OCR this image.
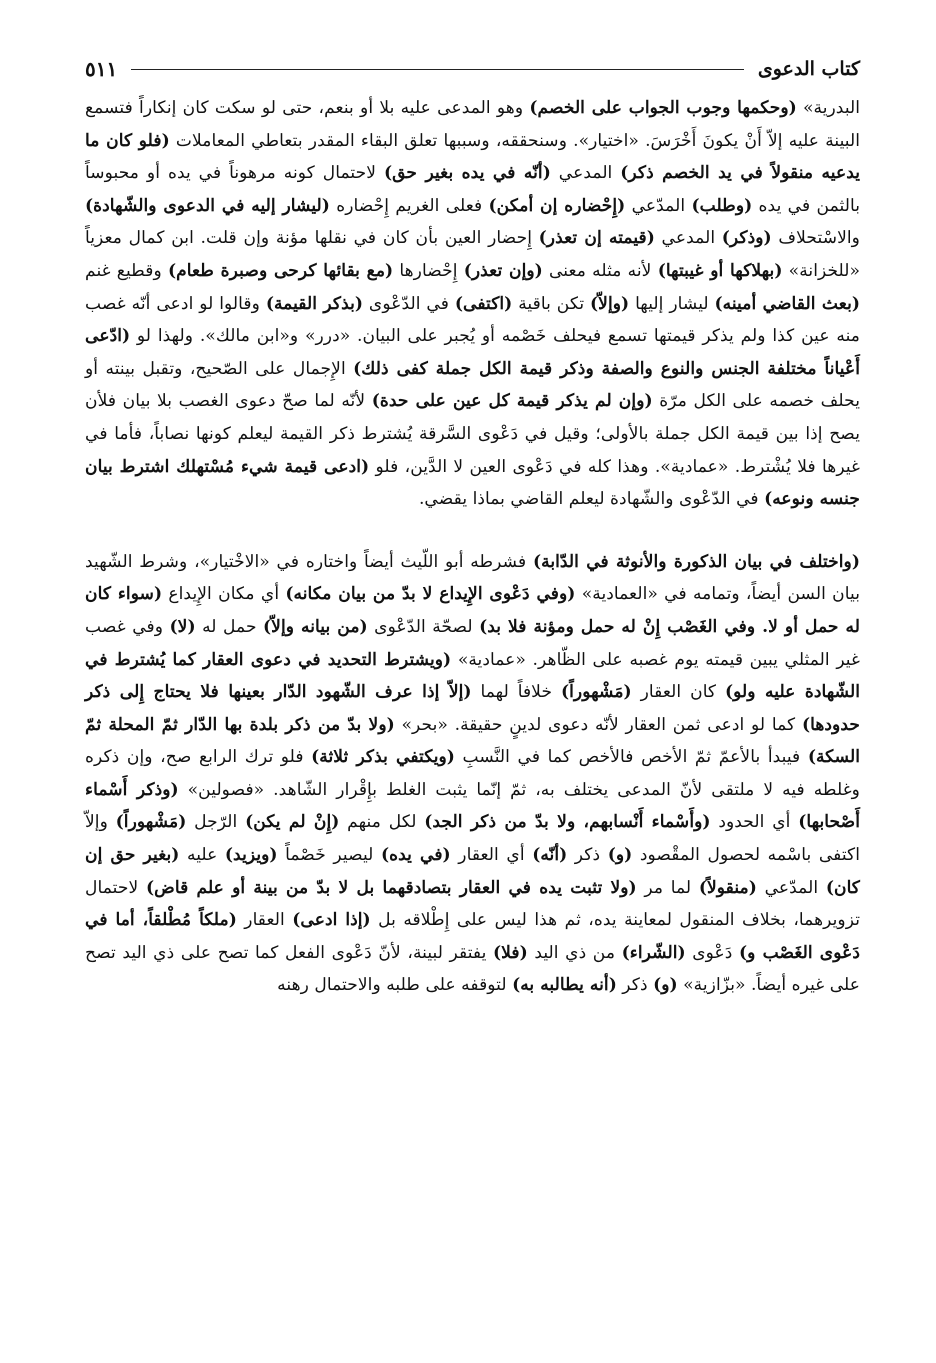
كتاب الدعوى
٥١١

البدرية» (وحكمها وجوب الجواب على الخصم) وهو المدعى عليه بلا أو بنعم، حتى لو سكت كان إنكاراً فتسمع البينة عليه إلاّ أَنْ يكونَ أَخْرَسَ. «اختيار». وسنحققه، وسببها تعلق البقاء المقدر بتعاطي المعاملات (فلو كان ما يدعيه منقولاً في يد الخصم ذكر) المدعي (أنّه في يده بغير حق) لاحتمال كونه مرهوناً في يده أو محبوساً بالثمن في يده (وطلب) المدّعي (إِحْضاره إن أمكن) فعلى الغريم إِحْضاره (ليشار إليه في الدعوى والشّهادة) والاسْتحلاف (وذكر) المدعي (قيمته إن تعذر) إِحضار العين بأن كان في نقلها مؤنة وإن قلت. ابن كمال معزياً «للخزانة» (بهلاكها أو غيبتها) لأنه مثله معنى (وإن تعذر) إِحْضارها (مع بقائها كرحى وصبرة طعام) وقطيع غنم (بعث القاضي أمينه) ليشار إليها (وإلاّ) تكن باقية (اكتفى) في الدّعْوى (بذكر القيمة) وقالوا لو ادعى أنّه غصب منه عين كذا ولم يذكر قيمتها تسمع فيحلف خَصْمه أو يُجبر على البيان. «درر» و«ابن مالك». ولهذا لو (ادّعى أَعْياناً مختلفة الجنس والنوع والصفة وذكر قيمة الكل جملة كفى ذلك) الإِجمال على الصّحيح، وتقبل بينته أو يحلف خصمه على الكل مرّة (وإن لم يذكر قيمة كل عين على حدة) لأنّه لما صحّ دعوى الغصب بلا بيان فلأن يصح إذا بين قيمة الكل جملة بالأولى؛ وقيل في دَعْوى السَّرقة يُشترط ذكر القيمة ليعلم كونها نصاباً، فأما في غيرها فلا يُشْترط. «عمادية». وهذا كله في دَعْوى العين لا الدَّين، فلو (ادعى قيمة شيء مُسْتهلك اشترط بيان جنسه ونوعه) في الدّعْوى والشّهادة ليعلم القاضي بماذا يقضي.

(واختلف في بيان الذكورة والأنوثة في الدّابة) فشرطه أبو اللّيث أيضاً واختاره في «الاخْتيار»، وشرط الشّهيد بيان السن أيضاً، وتمامه في «العمادية» (وفي دَعْوى الإِيداع لا بدّ من بيان مكانه) أي مكان الإِيداع (سواء كان له حمل أو لا. وفي الغَصْب إِنْ له حمل ومؤنة فلا بد) لصحّة الدّعْوى (من بيانه وإلاّ) حمل له (لا) وفي غصب غير المثلي يبين قيمته يوم غصبه على الظّاهر. «عمادية» (ويشترط التحديد في دعوى العقار كما يُشترط في الشّهادة عليه ولو) كان العقار (مَشْهوراً) خلافاً لهما (إلاّ إذا عرف الشّهود الدّار بعينها فلا يحتاج إِلى ذكر حدودها) كما لو ادعى ثمن العقار لأنّه دعوى لدينٍ حقيقة. «بحر» (ولا بدّ من ذكر بلدة بها الدّار ثمّ المحلة ثمّ السكة) فيبدأ بالأعمّ ثمّ الأخص فالأخص كما في النَّسبِ (ويكتفي بذكر ثلاثة) فلو ترك الرابع صح، وإن ذكره وغلطه فيه لا ملتقى لأنّ المدعى يختلف به، ثمّ إنّما يثبت الغلط بإِقْرار الشّاهد. «فصولين» (وذكر أَسْماء أَصْحابها) أي الحدود (وأَسْماء أَنْسابهم، ولا بدّ من ذكر الجد) لكل منهم (إِنْ لم يكن) الرّجل (مَشْهوراً) وإلاّ اكتفى باسْمه لحصول المقْصود (و) ذكر (أنّه) أي العقار (في يده) ليصير خَصْماً (ويزيد) عليه (بغير حق إن كان) المدّعي (منقولاً) لما مر (ولا تثبت يده في العقار بتصادقهما بل لا بدّ من بينة أو علم قاض) لاحتمال تزويرهما، بخلاف المنقول لمعاينة يده، ثم هذا ليس على إِطْلاقه بل (إذا ادعى) العقار (ملكاً مُطْلقاً، أما في دَعْوى الغَصْب و) دَعْوى (الشّراء) من ذي اليد (فلا) يفتقر لبينة، لأنّ دَعْوى الفعل كما تصح على ذي اليد تصح على غيره أيضاً. «بزّازية» (و) ذكر (أنه يطالبه به) لتوقفه على طلبه والاحتمال رهنه
